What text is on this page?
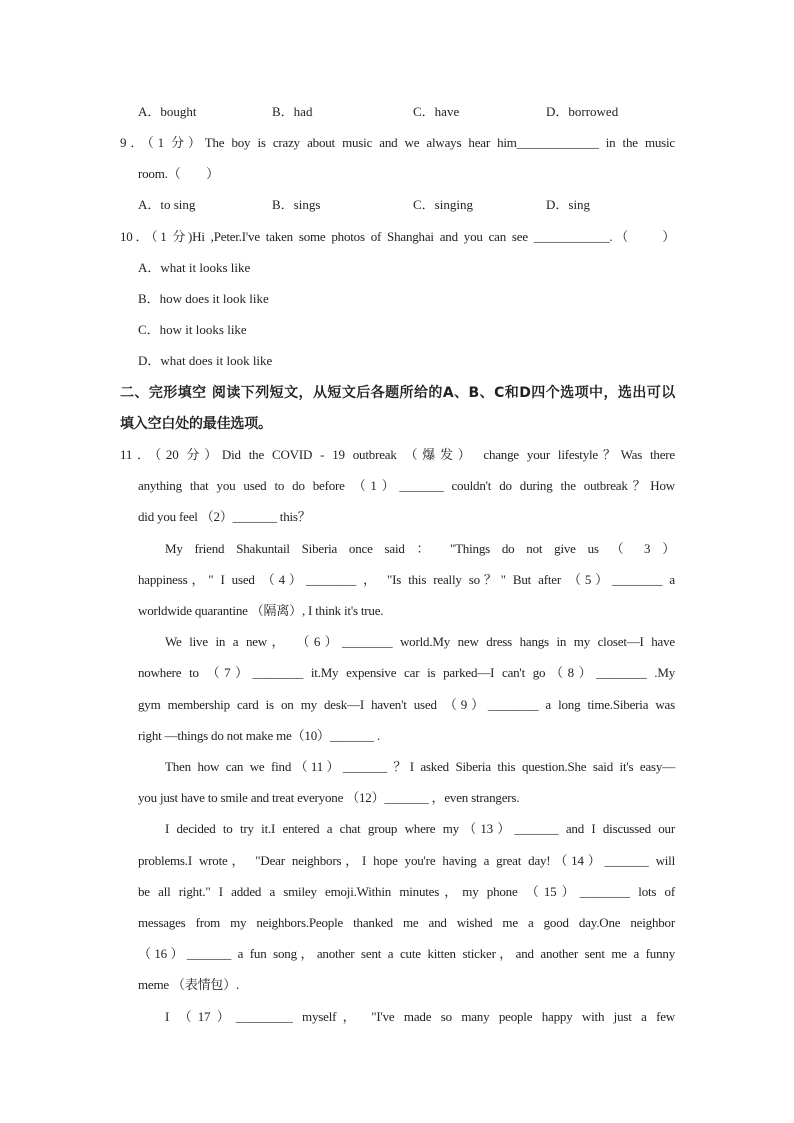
A．bought	B．had	C．have	D．borrowed
9．（1 分）The boy is crazy about music and we always hear him_____________ in the music
room.（　　）
A．to sing	B．sings	C．singing	D．sing
10．（1 分)Hi ,Peter.I've taken some photos of Shanghai and you can see ____________.（　　）
A．what it looks like
B．how does it look like
C．how it looks like
D．what does it look like
二、完形填空 阅读下列短文，从短文后各题所给的A、B、C和D四个选项中，选出可以
填入空白处的最佳选项。
11．（20 分）Did the COVID ‐ 19 outbreak （爆发） change your lifestyle？Was there
anything that you used to do before （1）_______ couldn't do during the outbreak？How
did you feel （2）_______ this？
My friend Shakuntail Siberia once said ： "Things do not give us （ 3 ）
happiness，" I used （4）________ ， "Is this really so？" But after （5）________ a
worldwide quarantine （隔离）, I think it's true.
We live in a new， （6）________ world.My new dress hangs in my closet—I have
nowhere to （7）________ it.My expensive car is parked—I can't go（8）________ .My
gym membership card is on my desk—I haven't used （9）________ a long time.Siberia was
right —things do not make me（10）_______ .
Then how can we find（11）_______ ？I asked Siberia this question.She said it's easy—
you just have to smile and treat everyone （12）_______ ，even strangers.
I decided to try it.I entered a chat group where my（13）_______ and I discussed our
problems.I wrote， "Dear neighbors，I hope you're having a great day!（14）_______ will
be all right." I added a smiley emoji.Within minutes，my phone （15）________ lots of
messages from my neighbors.People thanked me and wished me a good day.One neighbor
（16）_______ a fun song，another sent a cute kitten sticker，and another sent me a funny
meme （表情包）.
I （17）_________ myself， "I've made so many people happy with just a few
